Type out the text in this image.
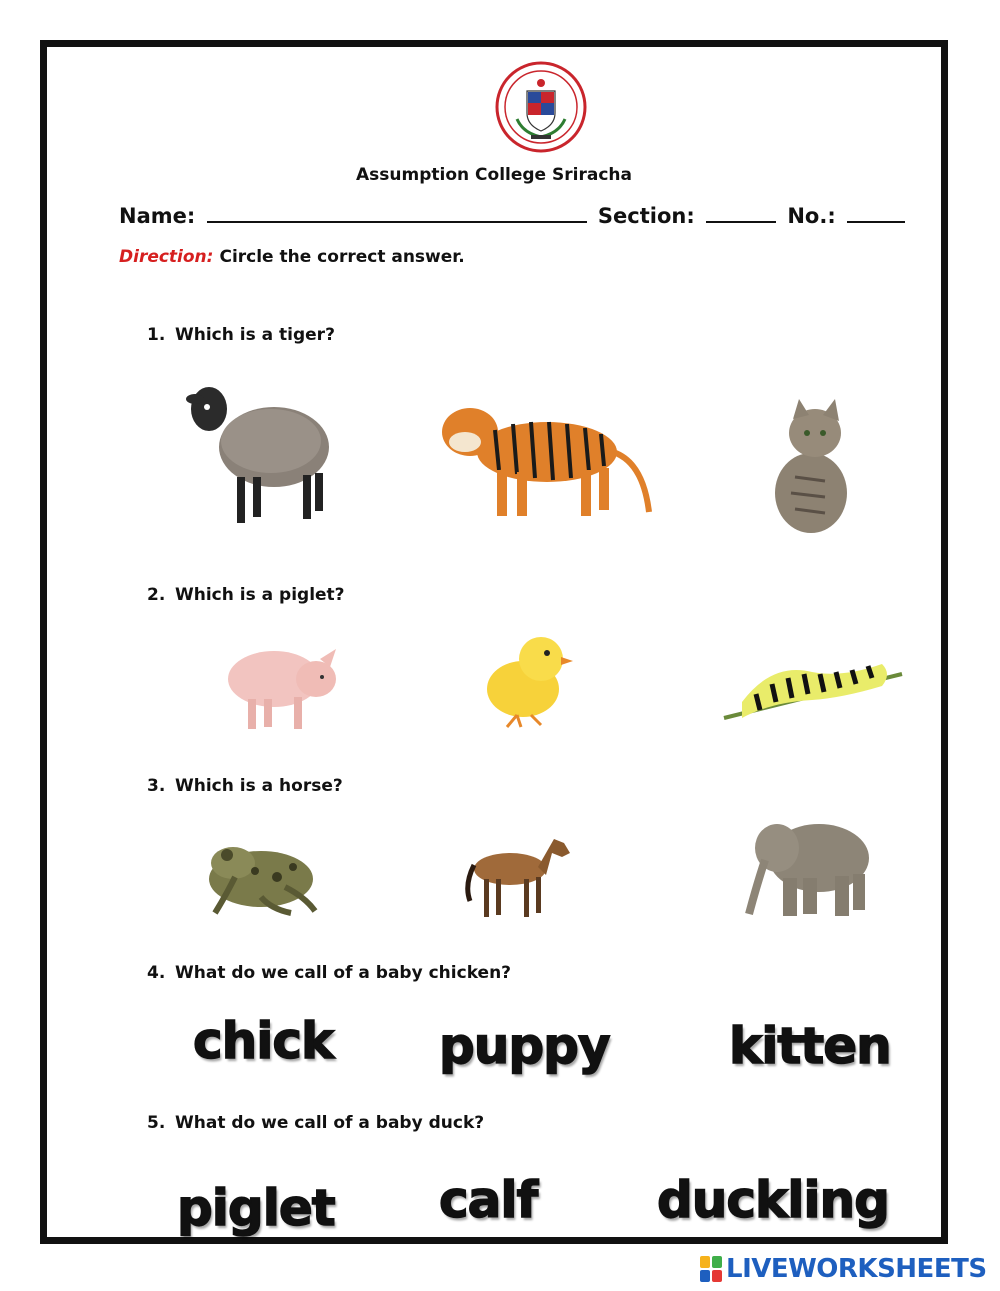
Assumption College Sriracha
Name:	Section:	No.:
Direction: Circle the correct answer.
1. Which is a tiger?
2. Which is a piglet?
3. Which is a horse?
4. What do we call of a baby chicken?
chick puppy kitten
5. What do we call of a baby duck?
piglet calf duckling
LIVEWORKSHEETS
